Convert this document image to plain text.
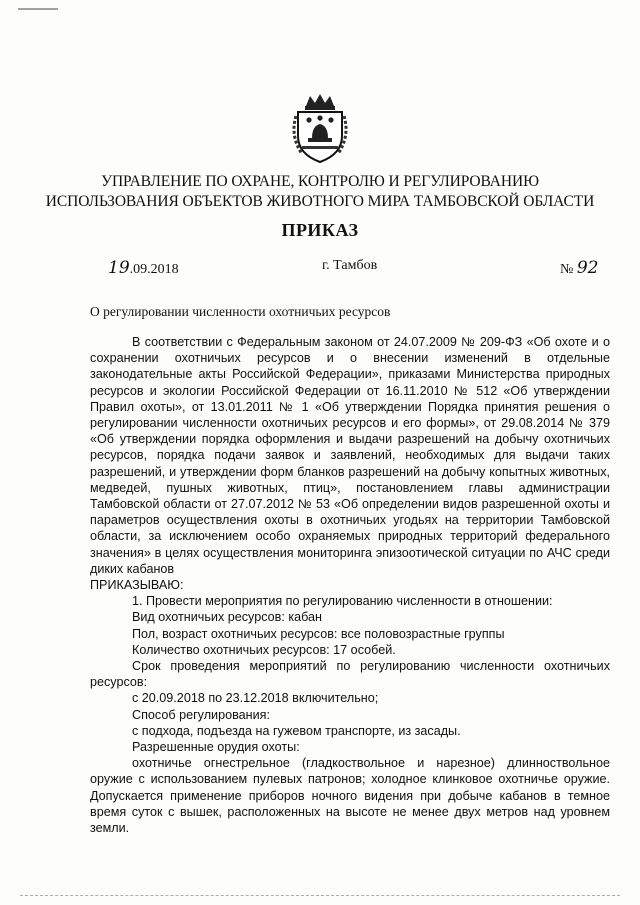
УПРАВЛЕНИЕ ПО ОХРАНЕ, КОНТРОЛЮ И РЕГУЛИРОВАНИЮ
ИСПОЛЬЗОВАНИЯ ОБЪЕКТОВ ЖИВОТНОГО МИРА ТАМБОВСКОЙ ОБЛАСТИ
ПРИКАЗ
19.09.2018	г. Тамбов	№ 92
О регулировании численности охотничьих ресурсов

В соответствии с Федеральным законом от 24.07.2009 № 209-ФЗ «Об охоте и о сохранении охотничьих ресурсов и о внесении изменений в отдельные законодательные акты Российской Федерации», приказами Министерства природных ресурсов и экологии Российской Федерации от 16.11.2010 № 512 «Об утверждении Правил охоты», от 13.01.2011 № 1 «Об утверждении Порядка принятия решения о регулировании численности охотничьих ресурсов и его формы», от 29.08.2014 № 379 «Об утверждении порядка оформления и выдачи разрешений на добычу охотничьих ресурсов, порядка подачи заявок и заявлений, необходимых для выдачи таких разрешений, и утверждении форм бланков разрешений на добычу копытных животных, медведей, пушных животных, птиц», постановлением главы администрации Тамбовской области от 27.07.2012 № 53 «Об определении видов разрешенной охоты и параметров осуществления охоты в охотничьих угодьях на территории Тамбовской области, за исключением особо охраняемых природных территорий федерального значения» в целях осуществления мониторинга эпизоотической ситуации по АЧС среди диких кабанов

ПРИКАЗЫВАЮ:

1. Провести мероприятия по регулированию численности в отношении:

Вид охотничьих ресурсов: кабан

Пол, возраст охотничьих ресурсов: все половозрастные группы

Количество охотничьих ресурсов: 17 особей.

Срок проведения мероприятий по регулированию численности охотничьих ресурсов:

с 20.09.2018 по 23.12.2018 включительно;

Способ регулирования:

с подхода, подъезда на гужевом транспорте, из засады.

Разрешенные орудия охоты:

охотничье огнестрельное (гладкоствольное и нарезное) длинноствольное оружие с использованием пулевых патронов; холодное клинковое охотничье оружие. Допускается применение приборов ночного видения при добыче кабанов в темное время суток с вышек, расположенных на высоте не менее двух метров над уровнем земли.
